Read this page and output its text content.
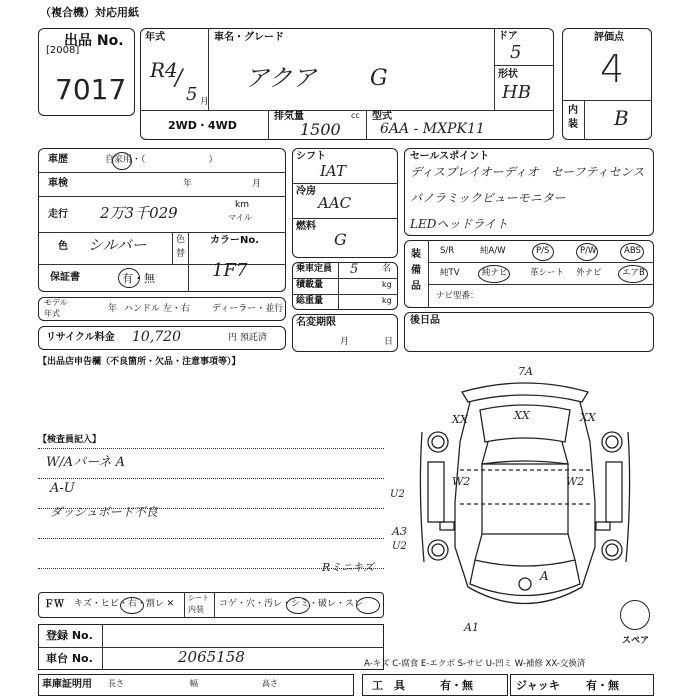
（複合機）対応用紙
出品 No.
[2008]
7017
年式
R4
/
5 月
車名・グレード
アクア G
ドア
5
形状
HB
2WD・4WD
排気量	cc
1500
型式
6AA - MXPK11
評価点
4
内
装 B
車歴	自家用・（　　　　　　　）
車検	年	月
走行 2万3千029	km
マイル
色 シルバー	色
替
カラーNo.
1F7
保証書	有・無
モデル
年式	年 ハンドル 左・右 ディーラー・並行
リサイクル料金 10,720	円 預託済
シフト
IAT
冷房
AAC
燃料
G
乗車定員 5	名
積載量	kg
総重量	kg
名変期限
月	日
セールスポイント
ディスプレイオーディオ　セーフティセンス
パノラミックビューモニター
LEDヘッドライト
装
備
品
S/R	純A/W	P/S	P/W	ABS
純TV	純ナビ	革シート 外ナビ エアB
ナビ型番：
後日品
【出品店申告欄（不良箇所・欠品・注意事項等）】
【検査員記入】
W/Aパーネ A
A-U
ダッシュボード不良
7A
XX	XX	XX
W2	W2
U2
A3
U2
A
A1
Rミニキズ
スペア
ＦＷ キズ・ヒビ・右・割レ ✕
シート
内装
コゲ・穴・汚レ・シミ・破レ・スレ
登録 No.
車台 No.	2065158	A-キズ C-腐食 E-エクボ S-サビ U-凹ミ W-補修 XX-交換済
車庫証明用 長さ	幅	高さ	工　具	有・無	ジャッキ 有・無
